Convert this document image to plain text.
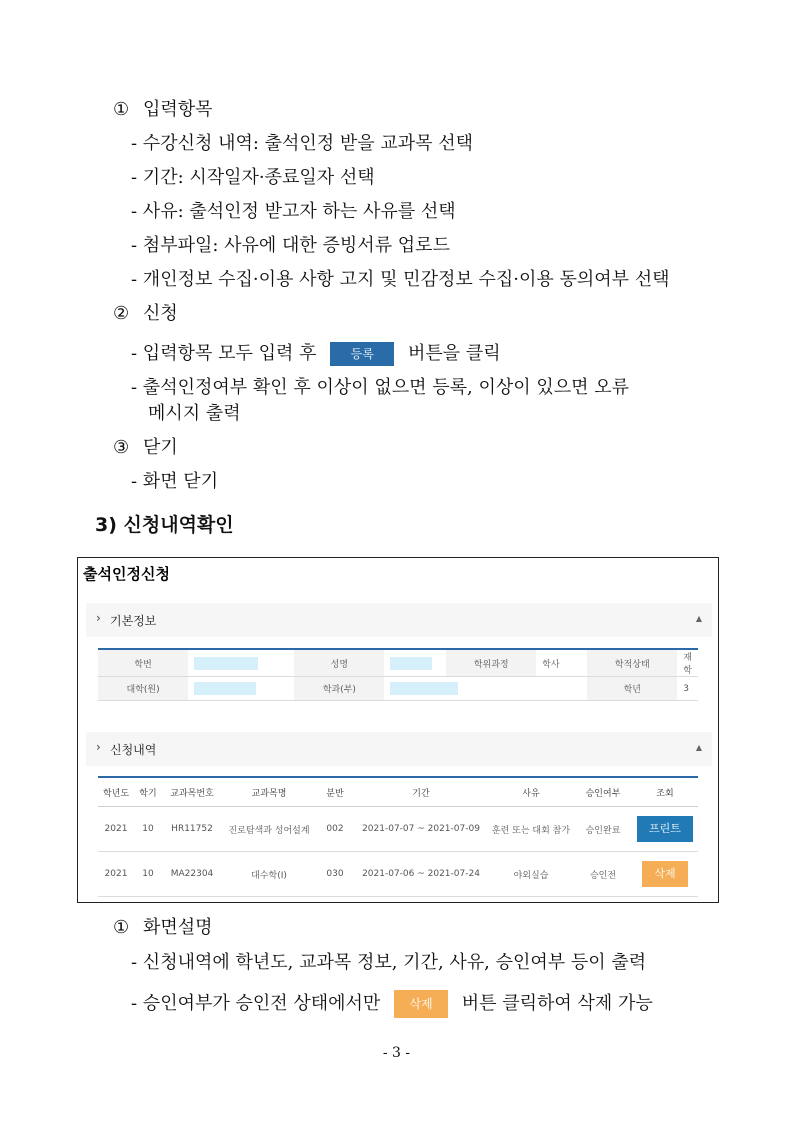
① 입력항목
- 수강신청 내역: 출석인정 받을 교과목 선택
- 기간: 시작일자·종료일자 선택
- 사유: 출석인정 받고자 하는 사유를 선택
- 첨부파일: 사유에 대한 증빙서류 업로드
- 개인정보 수집·이용 사항 고지 및 민감정보 수집·이용 동의여부 선택
② 신청
- 입력항목 모두 입력 후	등록 버튼을 클릭
- 출석인정여부 확인 후 이상이 없으면 등록, 이상이 있으면 오류
메시지 출력
③ 닫기
- 화면 닫기
3) 신청내역확인
출석인정신청
› 기본정보	▲
학번		성명		학위과정	학사	학적상태	재학
대학(원)		학과(부)				학년	3
› 신청내역	▲
학년도	학기	교과목번호	교과목명	분반	기간	사유	승인여부	조회
2021	10	HR11752	진로탐색과 성어설계	002	2021-07-07 ~ 2021-07-09	훈련 또는 대회 참가	승인완료	프린트
2021	10	MA22304	대수학(I)	030	2021-07-06 ~ 2021-07-24	야외실습	승인전	삭제
① 화면설명
- 신청내역에 학년도, 교과목 정보, 기간, 사유, 승인여부 등이 출력
- 승인여부가 승인전 상태에서만 삭제 버튼 클릭하여 삭제 가능
- 3 -
